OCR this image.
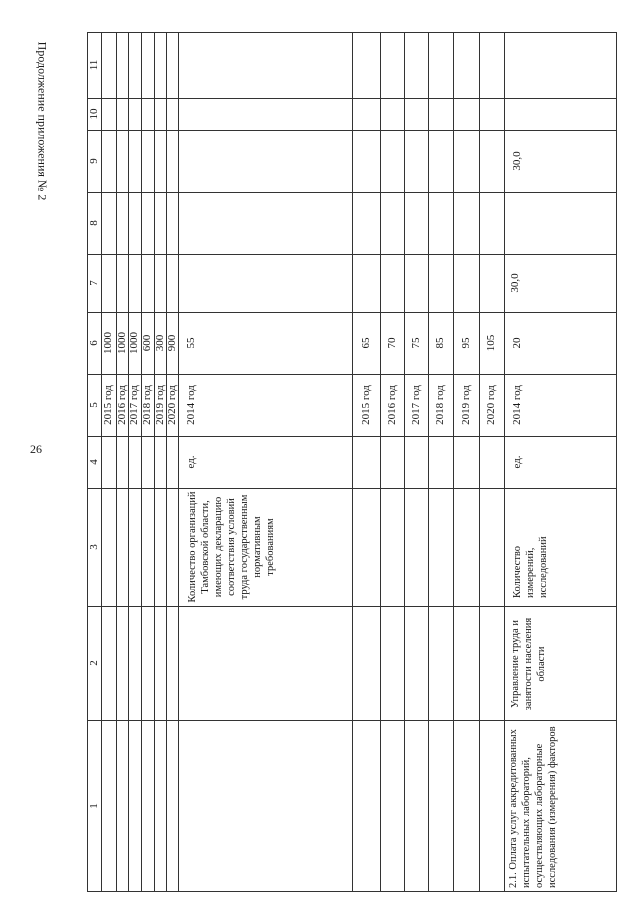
26
Продолжение приложения № 2	11
10
9
8
7
6
5
4
3
2
1
2015 год
1000
2016 год
1000
2017 год
1000
2018 год
600
2019 год
300
2020 год
900
Количество организаций Тамбовской области, имеющих декларацию соответствия условий труда государственным нормативным требованиям
ед.
2014 год
55
2015 год
65
2016 год
70
2017 год
75
2018 год
85
2019 год
95
2020 год
105
2.1. Оплата услуг аккредитованных испытательных лабораторий, осуществляющих лабораторные исследования (измерения) факторов
Управление труда и занятости населения области
Количество измерений, исследований
ед.
2014 год
20
30,0
30,0
